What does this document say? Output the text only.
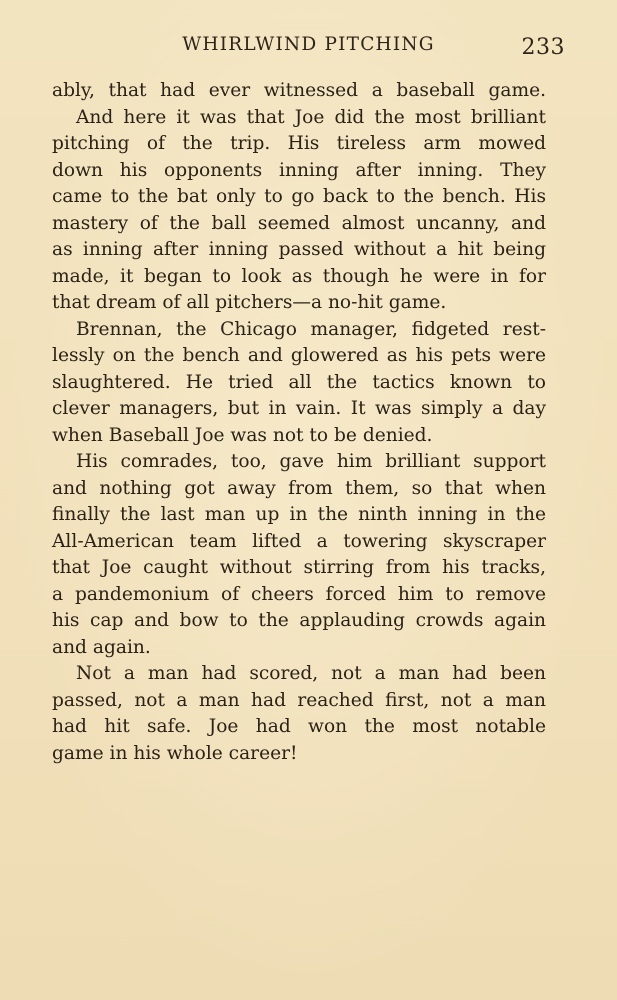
WHIRLWIND PITCHING	233
ably, that had ever witnessed a baseball game.
And here it was that Joe did the most brilliant
pitching of the trip. His tireless arm mowed
down his opponents inning after inning. They
came to the bat only to go back to the bench. His
mastery of the ball seemed almost uncanny, and
as inning after inning passed without a hit being
made, it began to look as though he were in for
that dream of all pitchers—a no-hit game.
Brennan, the Chicago manager, fidgeted rest-
lessly on the bench and glowered as his pets were
slaughtered. He tried all the tactics known to
clever managers, but in vain. It was simply a day
when Baseball Joe was not to be denied.
His comrades, too, gave him brilliant support
and nothing got away from them, so that when
finally the last man up in the ninth inning in the
All-American team lifted a towering skyscraper
that Joe caught without stirring from his tracks,
a pandemonium of cheers forced him to remove
his cap and bow to the applauding crowds again
and again.
Not a man had scored, not a man had been
passed, not a man had reached first, not a man
had hit safe. Joe had won the most notable
game in his whole career!
